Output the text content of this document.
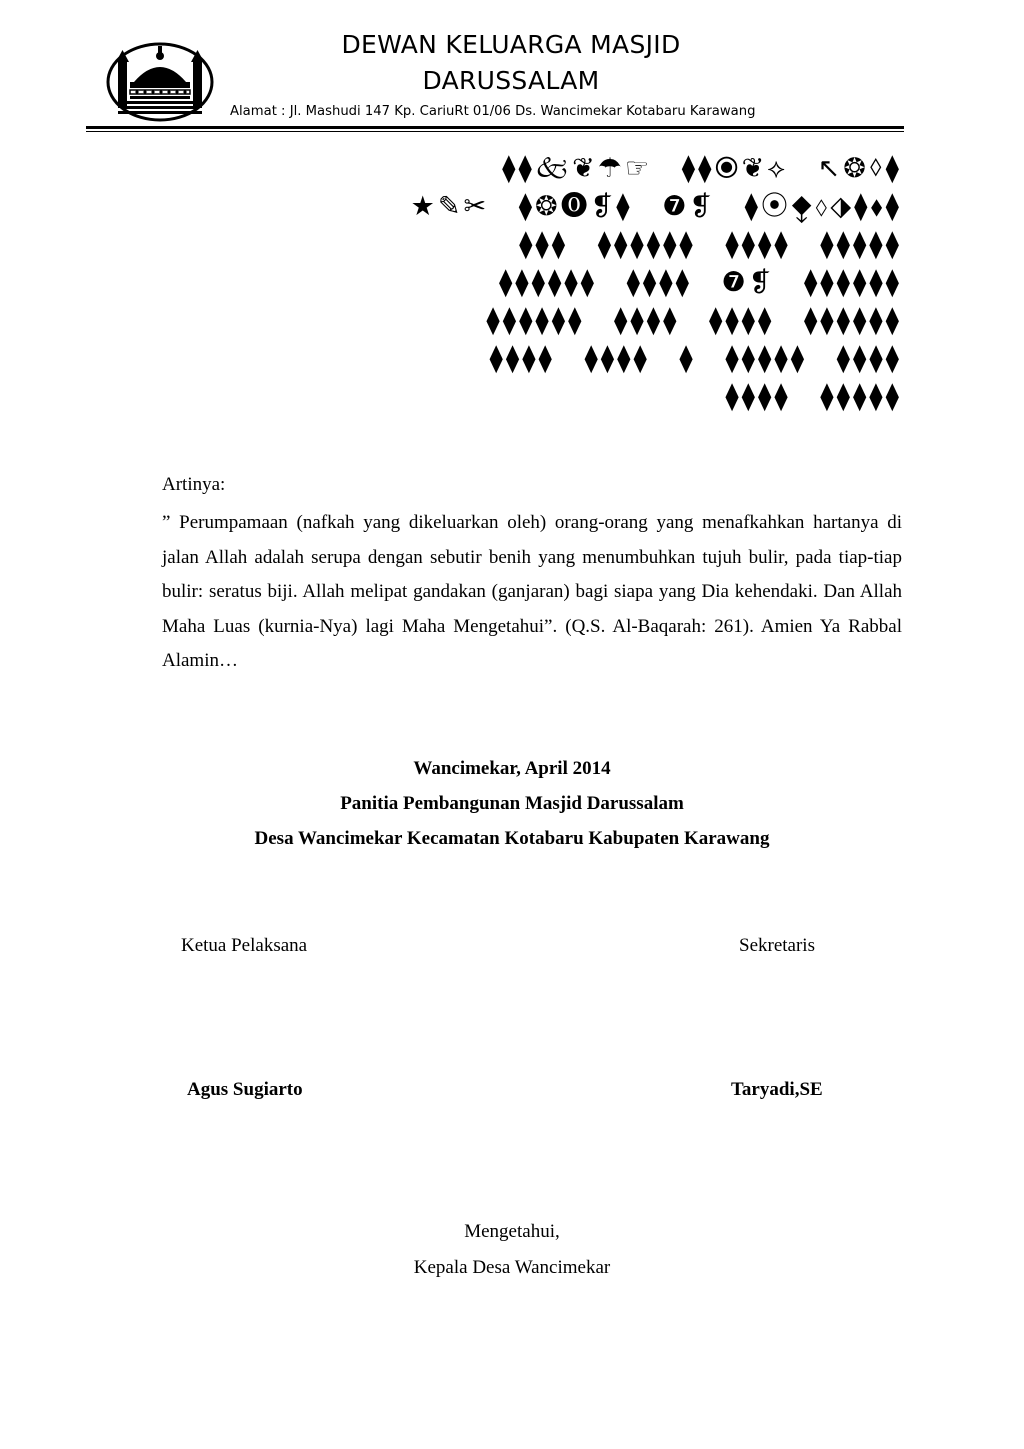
DEWAN KELUARGA MASJID
DARUSSALAM
Alamat : Jl. Mashudi 147 Kp. CariuRt 01/06 Ds. Wancimekar Kotabaru Karawang
⧫⧫🙵❦☂☞ ⧫⧫⦿❦⟡ ↖❂⬨⧫
★✎✂ ⧫❂⓿❡⧫ ❼❡ ⧫⦿⧪⬨⬗⧫⬧⧫
⧫⧫⧫ ⧫⧫⧫⧫⧫⧫ ⧫⧫⧫⧫ ⧫⧫⧫⧫⧫
⧫⧫⧫⧫⧫⧫ ⧫⧫⧫⧫ ❼❡ ⧫⧫⧫⧫⧫⧫
⧫⧫⧫⧫⧫⧫ ⧫⧫⧫⧫ ⧫⧫⧫⧫ ⧫⧫⧫⧫⧫⧫
⧫⧫⧫⧫ ⧫⧫⧫⧫ ⧫ ⧫⧫⧫⧫⧫ ⧫⧫⧫⧫
⧫⧫⧫⧫ ⧫⧫⧫⧫⧫
Artinya:
” Perumpamaan (nafkah yang dikeluarkan oleh) orang-orang yang menafkahkan hartanya di jalan Allah adalah serupa dengan sebutir benih yang menumbuhkan tujuh bulir, pada tiap-tiap bulir: seratus biji. Allah melipat gandakan (ganjaran) bagi siapa yang Dia kehendaki. Dan Allah Maha Luas (kurnia-Nya) lagi Maha Mengetahui”. (Q.S. Al-Baqarah: 261). Amien Ya Rabbal Alamin…
Wancimekar, April 2014
Panitia Pembangunan Masjid Darussalam
Desa Wancimekar Kecamatan Kotabaru Kabupaten Karawang
Ketua Pelaksana	Sekretaris
Agus Sugiarto	Taryadi,SE
Mengetahui,
Kepala Desa Wancimekar
